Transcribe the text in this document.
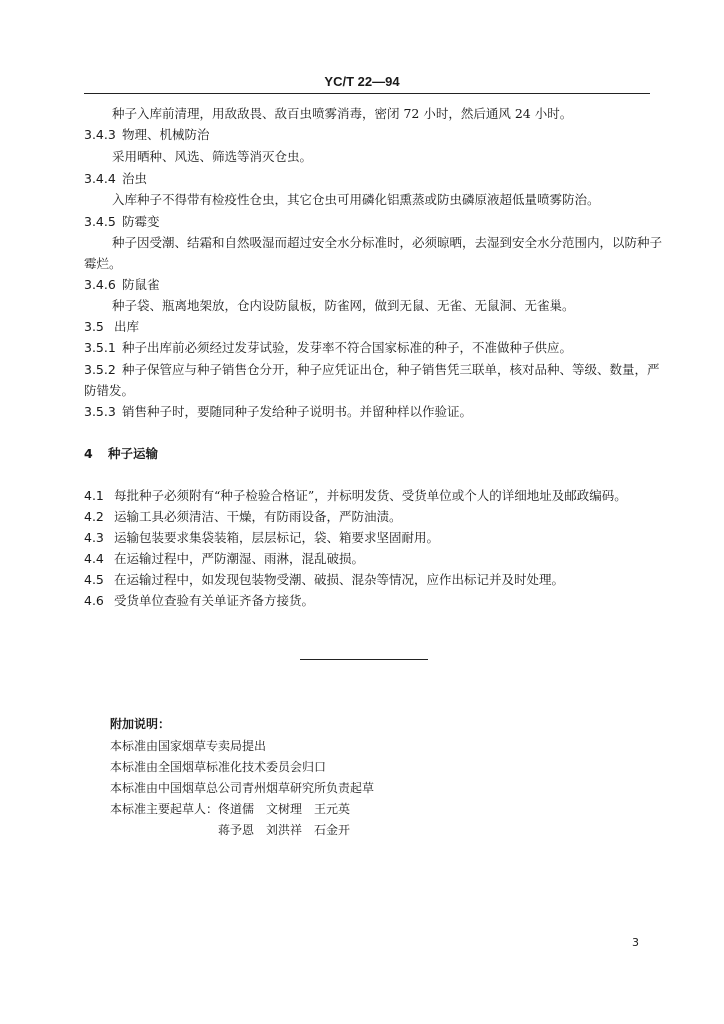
YC/T 22—94
种子入库前清理，用敌敌畏、敌百虫喷雾消毒，密闭 72 小时，然后通风 24 小时。
3.4.3 物理、机械防治
采用晒种、风选、筛选等消灭仓虫。
3.4.4 治虫
入库种子不得带有检疫性仓虫，其它仓虫可用磷化铝熏蒸或防虫磷原液超低量喷雾防治。
3.4.5 防霉变
种子因受潮、结霜和自然吸湿而超过安全水分标准时，必须晾晒，去湿到安全水分范围内，以防种子
霉烂。
3.4.6 防鼠雀
种子袋、瓶离地架放，仓内设防鼠板，防雀网，做到无鼠、无雀、无鼠洞、无雀巢。
3.5 出库
3.5.1 种子出库前必须经过发芽试验，发芽率不符合国家标准的种子，不准做种子供应。
3.5.2 种子保管应与种子销售仓分开，种子应凭证出仓，种子销售凭三联单，核对品种、等级、数量，严
防错发。
3.5.3 销售种子时，要随同种子发给种子说明书。并留种样以作验证。
4 种子运输
4.1 每批种子必须附有“种子检验合格证”，并标明发货、受货单位或个人的详细地址及邮政编码。
4.2 运输工具必须清洁、干燥，有防雨设备，严防油渍。
4.3 运输包装要求集袋装箱，层层标记，袋、箱要求坚固耐用。
4.4 在运输过程中，严防潮湿、雨淋，混乱破损。
4.5 在运输过程中，如发现包装物受潮、破损、混杂等情况，应作出标记并及时处理。
4.6 受货单位查验有关单证齐备方接货。
附加说明：
本标准由国家烟草专卖局提出
本标准由全国烟草标准化技术委员会归口
本标准由中国烟草总公司青州烟草研究所负责起草
本标准主要起草人：佟道儒　文树理　王元英
蒋予恩　刘洪祥　石金开
3
